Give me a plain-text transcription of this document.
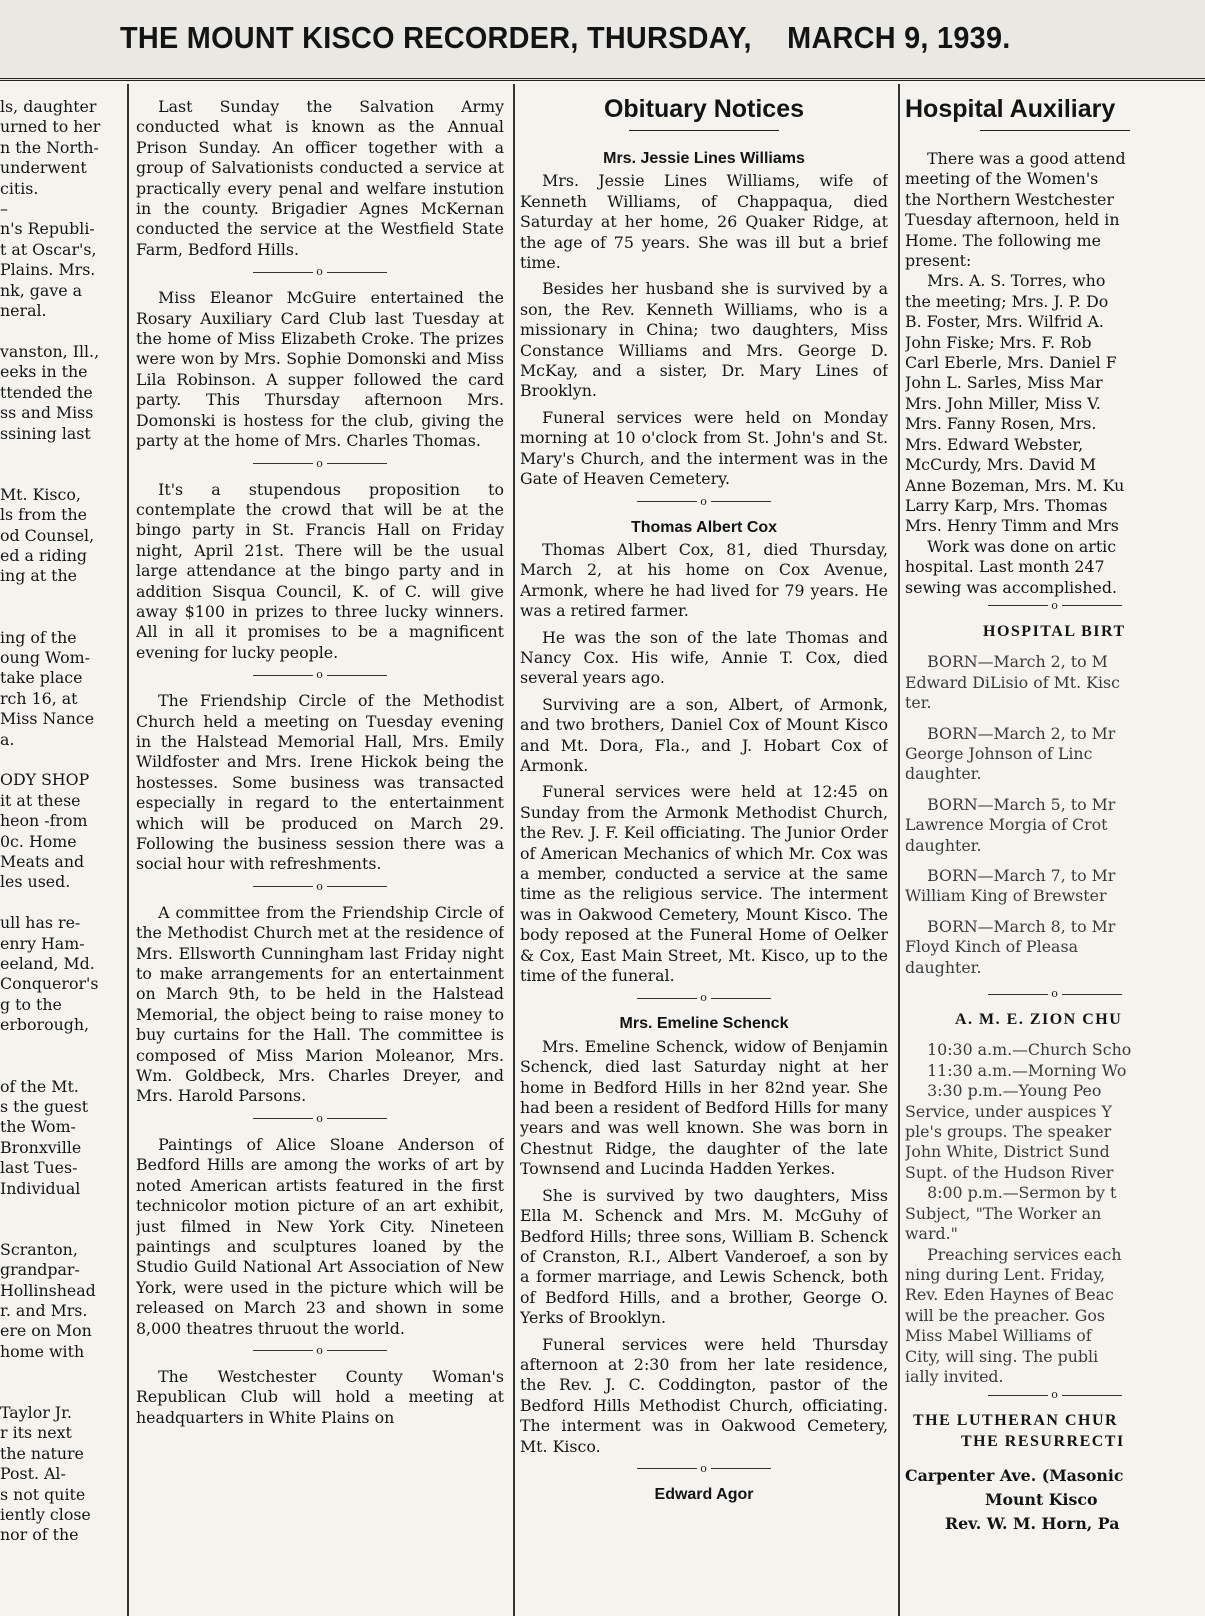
THE MOUNT KISCO RECORDER, THURSDAY, MARCH 9, 1939.

ls, daughter

urned to her

n the North-

underwent

citis.

–

n's Republi-

t at Oscar's,

Plains. Mrs.

nk, gave a

neral.

vanston, Ill.,

eeks in the

ttended the

ss and Miss

ssining last

Mt. Kisco,

ls from the

od Counsel,

ed a riding

ing at the

ing of the

oung Wom-

take place

rch 16, at

Miss Nance

a.

ODY SHOP

it at these

heon -from

0c. Home

Meats and

les used.

ull has re-

enry Ham-

eeland, Md.

Conqueror's

g to the

erborough,

of the Mt.

s the guest

the Wom-

Bronxville

last Tues-

Individual

Scranton,

grandpar-

Hollinshead

r. and Mrs.

ere on Mon

home with

Taylor Jr.

r its next

the nature

Post. Al-

s not quite

iently close

nor of the

Last Sunday the Salvation Army conducted what is known as the Annual Prison Sunday. An officer together with a group of Salvationists conducted a service at practically every penal and welfare instution in the county. Brigadier Agnes McKernan conducted the service at the Westfield State Farm, Bedford Hills.

o

Miss Eleanor McGuire entertained the Rosary Auxiliary Card Club last Tuesday at the home of Miss Elizabeth Croke. The prizes were won by Mrs. Sophie Domonski and Miss Lila Robinson. A supper followed the card party. This Thursday afternoon Mrs. Domonski is hostess for the club, giving the party at the home of Mrs. Charles Thomas.

o

It's a stupendous proposition to contemplate the crowd that will be at the bingo party in St. Francis Hall on Friday night, April 21st. There will be the usual large attendance at the bingo party and in addition Sisqua Council, K. of C. will give away $100 in prizes to three lucky winners. All in all it promises to be a magnificent evening for lucky people.

o

The Friendship Circle of the Methodist Church held a meeting on Tuesday evening in the Halstead Memorial Hall, Mrs. Emily Wildfoster and Mrs. Irene Hickok being the hostesses. Some business was transacted especially in regard to the entertainment which will be produced on March 29. Following the business session there was a social hour with refreshments.

o

A committee from the Friendship Circle of the Methodist Church met at the residence of Mrs. Ellsworth Cunningham last Friday night to make arrangements for an entertainment on March 9th, to be held in the Halstead Memorial, the object being to raise money to buy curtains for the Hall. The committee is composed of Miss Marion Moleanor, Mrs. Wm. Goldbeck, Mrs. Charles Dreyer, and Mrs. Harold Parsons.

o

Paintings of Alice Sloane Anderson of Bedford Hills are among the works of art by noted American artists featured in the first technicolor motion picture of an art exhibit, just filmed in New York City. Nineteen paintings and sculptures loaned by the Studio Guild National Art Association of New York, were used in the picture which will be released on March 23 and shown in some 8,000 theatres thruout the world.

o

The Westchester County Woman's Republican Club will hold a meeting at headquarters in White Plains on

Obituary Notices
Mrs. Jessie Lines Williams

Mrs. Jessie Lines Williams, wife of Kenneth Williams, of Chappaqua, died Saturday at her home, 26 Quaker Ridge, at the age of 75 years. She was ill but a brief time.

Besides her husband she is survived by a son, the Rev. Kenneth Williams, who is a missionary in China; two daughters, Miss Constance Williams and Mrs. George D. McKay, and a sister, Dr. Mary Lines of Brooklyn.

Funeral services were held on Monday morning at 10 o'clock from St. John's and St. Mary's Church, and the interment was in the Gate of Heaven Cemetery.

o
Thomas Albert Cox

Thomas Albert Cox, 81, died Thursday, March 2, at his home on Cox Avenue, Armonk, where he had lived for 79 years. He was a retired farmer.

He was the son of the late Thomas and Nancy Cox. His wife, Annie T. Cox, died several years ago.

Surviving are a son, Albert, of Armonk, and two brothers, Daniel Cox of Mount Kisco and Mt. Dora, Fla., and J. Hobart Cox of Armonk.

Funeral services were held at 12:45 on Sunday from the Armonk Methodist Church, the Rev. J. F. Keil officiating. The Junior Order of American Mechanics of which Mr. Cox was a member, conducted a service at the same time as the religious service. The interment was in Oakwood Cemetery, Mount Kisco. The body reposed at the Funeral Home of Oelker & Cox, East Main Street, Mt. Kisco, up to the time of the funeral.

o
Mrs. Emeline Schenck

Mrs. Emeline Schenck, widow of Benjamin Schenck, died last Saturday night at her home in Bedford Hills in her 82nd year. She had been a resident of Bedford Hills for many years and was well known. She was born in Chestnut Ridge, the daughter of the late Townsend and Lucinda Hadden Yerkes.

She is survived by two daughters, Miss Ella M. Schenck and Mrs. M. McGuhy of Bedford Hills; three sons, William B. Schenck of Cranston, R.I., Albert Vanderoef, a son by a former marriage, and Lewis Schenck, both of Bedford Hills, and a brother, George O. Yerks of Brooklyn.

Funeral services were held Thursday afternoon at 2:30 from her late residence, the Rev. J. C. Coddington, pastor of the Bedford Hills Methodist Church, officiating. The interment was in Oakwood Cemetery, Mt. Kisco.

o
Edward Agor
Hospital Auxiliary

There was a good attend

meeting of the Women's

the Northern Westchester

Tuesday afternoon, held in

Home. The following me

present:

Mrs. A. S. Torres, who

the meeting; Mrs. J. P. Do

B. Foster, Mrs. Wilfrid A.

John Fiske; Mrs. F. Rob

Carl Eberle, Mrs. Daniel F

John L. Sarles, Miss Mar

Mrs. John Miller, Miss V.

Mrs. Fanny Rosen, Mrs.

Mrs. Edward Webster,

McCurdy, Mrs. David M

Anne Bozeman, Mrs. M. Ku

Larry Karp, Mrs. Thomas

Mrs. Henry Timm and Mrs

Work was done on artic

hospital. Last month 247

sewing was accomplished.

o
HOSPITAL BIRT

BORN—March 2, to M

Edward DiLisio of Mt. Kisc

ter.

BORN—March 2, to Mr

George Johnson of Linc

daughter.

BORN—March 5, to Mr

Lawrence Morgia of Crot

daughter.

BORN—March 7, to Mr

William King of Brewster

BORN—March 8, to Mr

Floyd Kinch of Pleasa

daughter.

o
A. M. E. ZION CHU

10:30 a.m.—Church Scho

11:30 a.m.—Morning Wo

3:30 p.m.—Young Peo

Service, under auspices Y

ple's groups. The speaker

John White, District Sund

Supt. of the Hudson River

8:00 p.m.—Sermon by t

Subject, "The Worker an

ward."

Preaching services each

ning during Lent. Friday,

Rev. Eden Haynes of Beac

will be the preacher. Gos

Miss Mabel Williams of

City, will sing. The publi

ially invited.

o
THE LUTHERAN CHUR
THE RESURRECTI

Carpenter Ave. (Masonic

Mount Kisco

Rev. W. M. Horn, Pa
